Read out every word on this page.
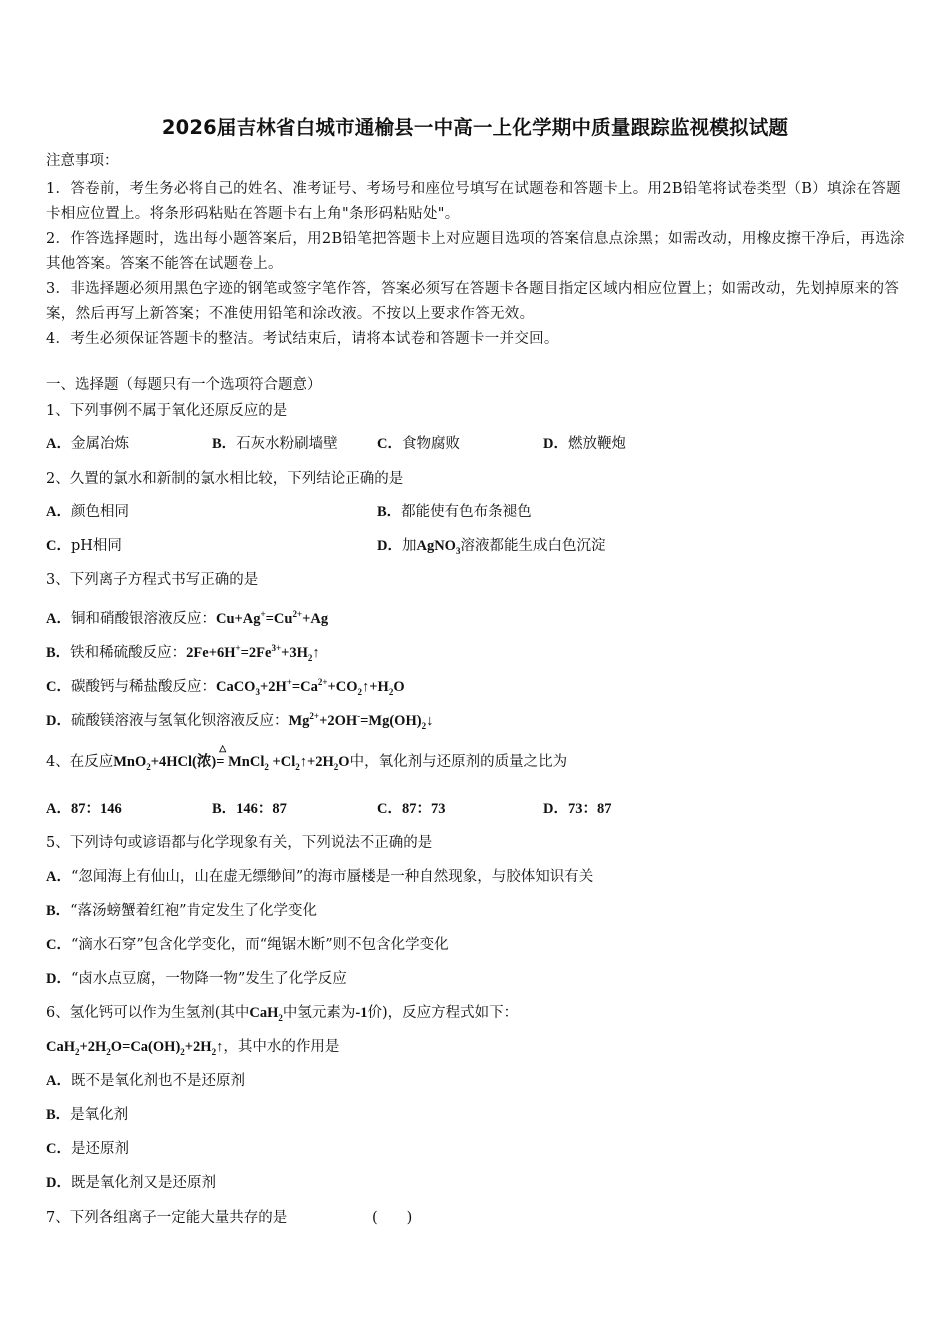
2026届吉林省白城市通榆县一中高一上化学期中质量跟踪监视模拟试题
注意事项：
1．答卷前，考生务必将自己的姓名、准考证号、考场号和座位号填写在试题卷和答题卡上。用2B铅笔将试卷类型（B）填涂在答题卡相应位置上。将条形码粘贴在答题卡右上角"条形码粘贴处"。
2．作答选择题时，选出每小题答案后，用2B铅笔把答题卡上对应题目选项的答案信息点涂黑；如需改动，用橡皮擦干净后，再选涂其他答案。答案不能答在试题卷上。
3．非选择题必须用黑色字迹的钢笔或签字笔作答，答案必须写在答题卡各题目指定区域内相应位置上；如需改动，先划掉原来的答案，然后再写上新答案；不准使用铅笔和涂改液。不按以上要求作答无效。
4．考生必须保证答题卡的整洁。考试结束后，请将本试卷和答题卡一并交回。
一、选择题（每题只有一个选项符合题意）
1、下列事例不属于氧化还原反应的是
A．金属冶炼	B．石灰水粉刷墙壁	C．食物腐败	D．燃放鞭炮
2、久置的氯水和新制的氯水相比较，下列结论正确的是
A．颜色相同	B．都能使有色布条褪色
C．pH相同	D．加AgNO$_3$溶液都能生成白色沉淀
3、下列离子方程式书写正确的是
A．铜和硝酸银溶液反应：$Cu+Ag^+=Cu^{2+}+Ag$
B．铁和稀硫酸反应：$2Fe+6H^+=2Fe^{3+}+3H_2↑$
C．碳酸钙与稀盐酸反应：$CaCO_3+2H^+=Ca^{2+}+CO_2↑+H_2O$
D．硫酸镁溶液与氢氧化钡溶液反应：$Mg^{2+}+2OH^-=Mg(OH)_2↓$
4、在反应MnO$_2$+4HCl(浓)
△
= MnCl$_2$ $+Cl_2↑+2H_2O$中，氧化剂与还原剂的质量之比为
A．87：146	B．146：87	C．87：73	D．73：87
5、下列诗句或谚语都与化学现象有关，下列说法不正确的是
A．“忽闻海上有仙山，山在虚无缥缈间”的海市蜃楼是一种自然现象，与胶体知识有关
B．“落汤螃蟹着红袍”肯定发生了化学变化
C．“滴水石穿”包含化学变化，而“绳锯木断”则不包含化学变化
D．“卤水点豆腐，一物降一物”发生了化学反应
6、氢化钙可以作为生氢剂(其中CaH$_2$中氢元素为-1价)，反应方程式如下：
$CaH_2+2H_2O=Ca(OH)_2+2H_2↑$，其中水的作用是
A．既不是氧化剂也不是还原剂
B．是氧化剂
C．是还原剂
D．既是氧化剂又是还原剂
7、下列各组离子一定能大量共存的是	(　　)
